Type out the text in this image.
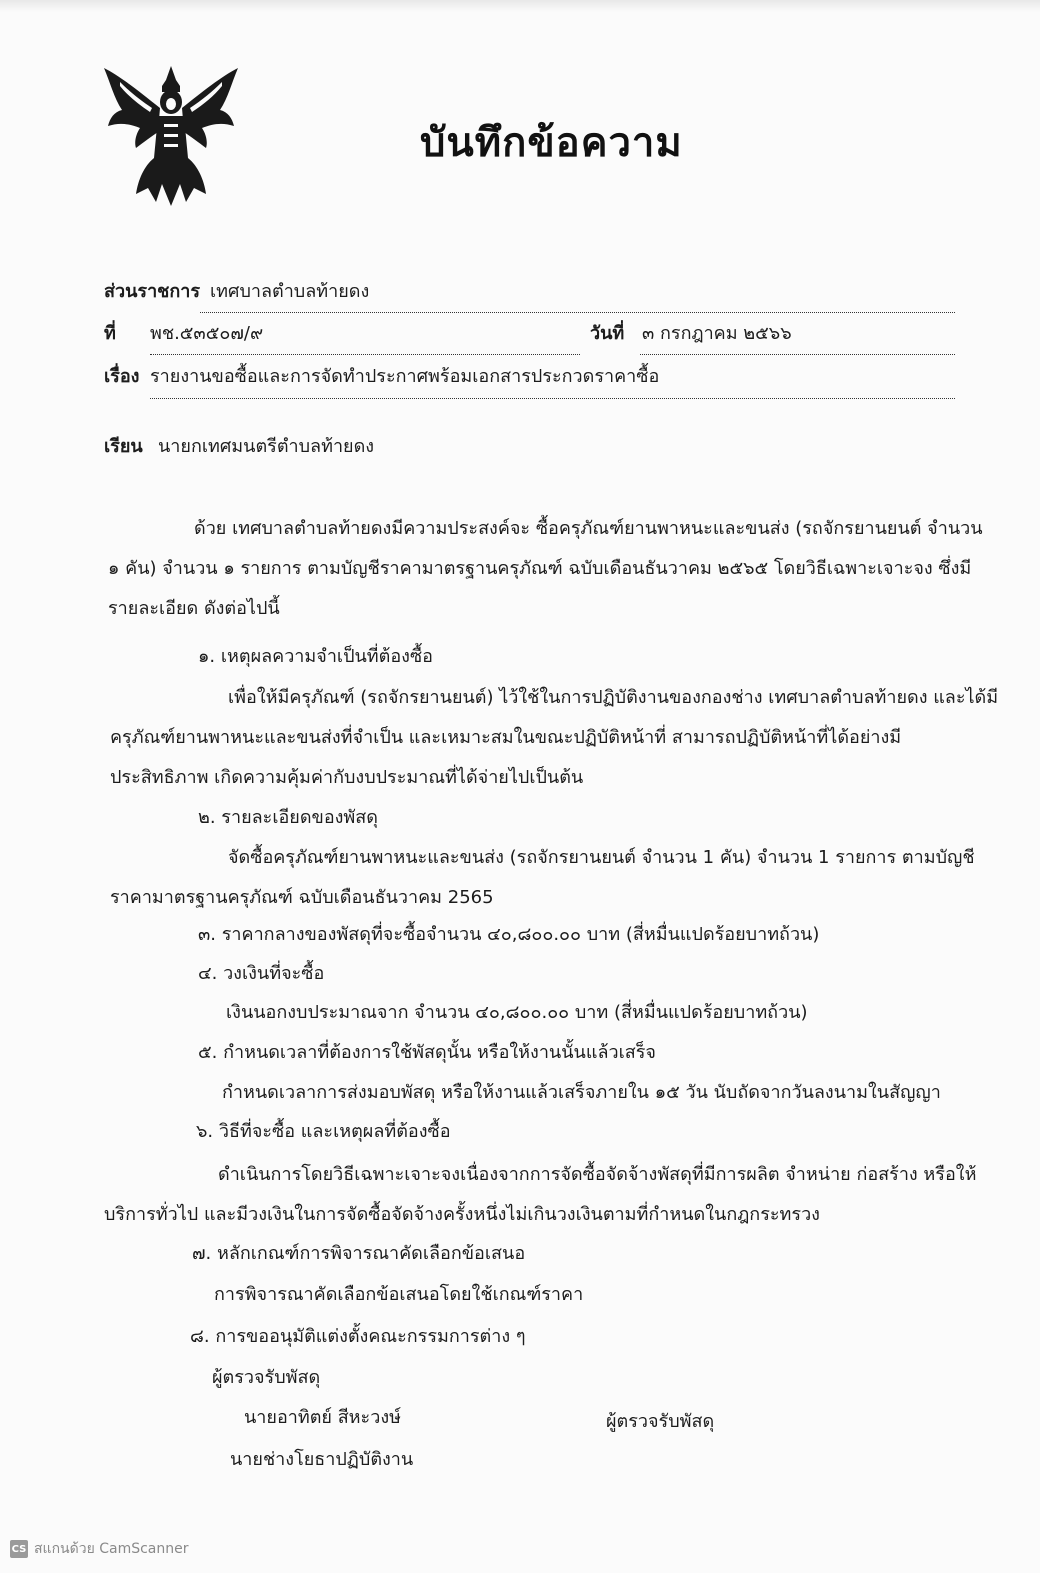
บันทึกข้อความ
ส่วนราชการ เทศบาลตำบลท้ายดง
ที่ พช.๕๓๕๐๗/๙	วันที่ ๓ กรกฎาคม ๒๕๖๖
เรื่อง รายงานขอซื้อและการจัดทำประกาศพร้อมเอกสารประกวดราคาซื้อ
เรียน นายกเทศมนตรีตำบลท้ายดง

ด้วย เทศบาลตำบลท้ายดงมีความประสงค์จะ ซื้อครุภัณฑ์ยานพาหนะและขนส่ง (รถจักรยานยนต์ จำนวน

๑ คัน) จำนวน ๑ รายการ ตามบัญชีราคามาตรฐานครุภัณฑ์ ฉบับเดือนธันวาคม ๒๕๖๕ โดยวิธีเฉพาะเจาะจง ซึ่งมี

รายละเอียด ดังต่อไปนี้

๑. เหตุผลความจำเป็นที่ต้องซื้อ

เพื่อให้มีครุภัณฑ์ (รถจักรยานยนต์) ไว้ใช้ในการปฏิบัติงานของกองช่าง เทศบาลตำบลท้ายดง และได้มี

ครุภัณฑ์ยานพาหนะและขนส่งที่จำเป็น และเหมาะสมในขณะปฏิบัติหน้าที่ สามารถปฏิบัติหน้าที่ได้อย่างมี

ประสิทธิภาพ เกิดความคุ้มค่ากับงบประมาณที่ได้จ่ายไปเป็นต้น

๒. รายละเอียดของพัสดุ

จัดซื้อครุภัณฑ์ยานพาหนะและขนส่ง (รถจักรยานยนต์ จำนวน 1 คัน) จำนวน 1 รายการ ตามบัญชี

ราคามาตรฐานครุภัณฑ์ ฉบับเดือนธันวาคม 2565

๓. ราคากลางของพัสดุที่จะซื้อจำนวน ๔๐,๘๐๐.๐๐ บาท (สี่หมื่นแปดร้อยบาทถ้วน)
๔. วงเงินที่จะซื้อ
เงินนอกงบประมาณจาก จำนวน ๔๐,๘๐๐.๐๐ บาท (สี่หมื่นแปดร้อยบาทถ้วน)
๕. กำหนดเวลาที่ต้องการใช้พัสดุนั้น หรือให้งานนั้นแล้วเสร็จ
กำหนดเวลาการส่งมอบพัสดุ หรือให้งานแล้วเสร็จภายใน ๑๕ วัน นับถัดจากวันลงนามในสัญญา
๖. วิธีที่จะซื้อ และเหตุผลที่ต้องซื้อ

ดำเนินการโดยวิธีเฉพาะเจาะจงเนื่องจากการจัดซื้อจัดจ้างพัสดุที่มีการผลิต จำหน่าย ก่อสร้าง หรือให้

บริการทั่วไป และมีวงเงินในการจัดซื้อจัดจ้างครั้งหนึ่งไม่เกินวงเงินตามที่กำหนดในกฎกระทรวง

๗. หลักเกณฑ์การพิจารณาคัดเลือกข้อเสนอ
การพิจารณาคัดเลือกข้อเสนอโดยใช้เกณฑ์ราคา
๘. การขออนุมัติแต่งตั้งคณะกรรมการต่าง ๆ
ผู้ตรวจรับพัสดุ
นายอาทิตย์ สีหะวงษ์	ผู้ตรวจรับพัสดุ
นายช่างโยธาปฏิบัติงาน
CS สแกนด้วย CamScanner
